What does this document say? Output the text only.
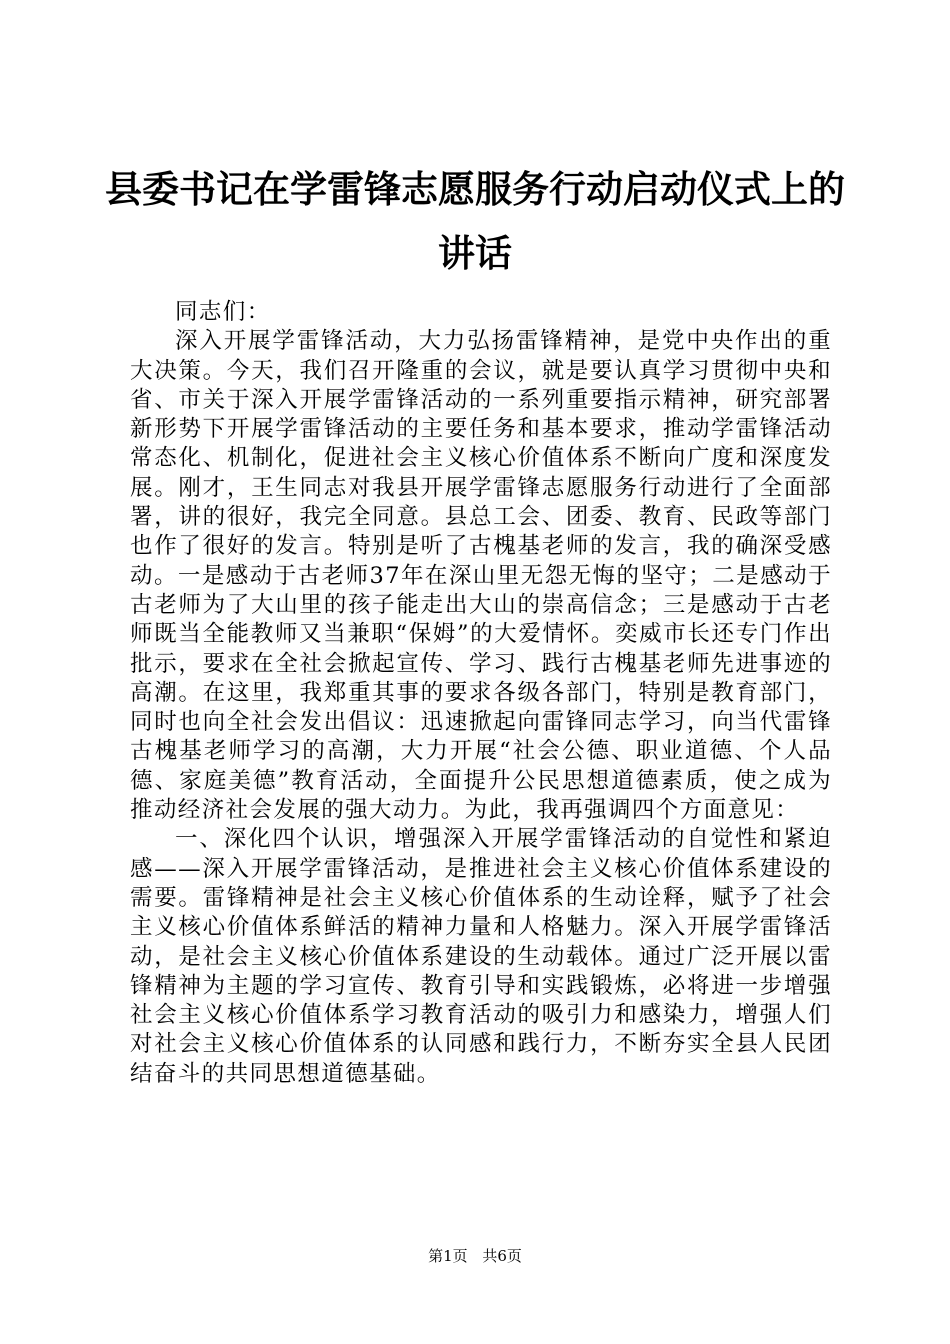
县委书记在学雷锋志愿服务行动启动仪式上的
讲话

同志们：

深入开展学雷锋活动，大力弘扬雷锋精神，是党中央作出的重大决策。今天，我们召开隆重的会议，就是要认真学习贯彻中央和省、市关于深入开展学雷锋活动的一系列重要指示精神，研究部署新形势下开展学雷锋活动的主要任务和基本要求，推动学雷锋活动常态化、机制化，促进社会主义核心价值体系不断向广度和深度发展。刚才，王生同志对我县开展学雷锋志愿服务行动进行了全面部署，讲的很好，我完全同意。县总工会、团委、教育、民政等部门也作了很好的发言。特别是听了古槐基老师的发言，我的确深受感动。一是感动于古老师37年在深山里无怨无悔的坚守；二是感动于古老师为了大山里的孩子能走出大山的崇高信念；三是感动于古老师既当全能教师又当兼职“保姆”的大爱情怀。奕威市长还专门作出批示，要求在全社会掀起宣传、学习、践行古槐基老师先进事迹的高潮。在这里，我郑重其事的要求各级各部门，特别是教育部门，同时也向全社会发出倡议：迅速掀起向雷锋同志学习，向当代雷锋古槐基老师学习的高潮，大力开展“社会公德、职业道德、个人品德、家庭美德”教育活动，全面提升公民思想道德素质，使之成为推动经济社会发展的强大动力。为此，我再强调四个方面意见：

一、深化四个认识，增强深入开展学雷锋活动的自觉性和紧迫感——深入开展学雷锋活动，是推进社会主义核心价值体系建设的需要。雷锋精神是社会主义核心价值体系的生动诠释，赋予了社会主义核心价值体系鲜活的精神力量和人格魅力。深入开展学雷锋活动，是社会主义核心价值体系建设的生动载体。通过广泛开展以雷锋精神为主题的学习宣传、教育引导和实践锻炼，必将进一步增强社会主义核心价值体系学习教育活动的吸引力和感染力，增强人们对社会主义核心价值体系的认同感和践行力，不断夯实全县人民团结奋斗的共同思想道德基础。

第1页 共6页
